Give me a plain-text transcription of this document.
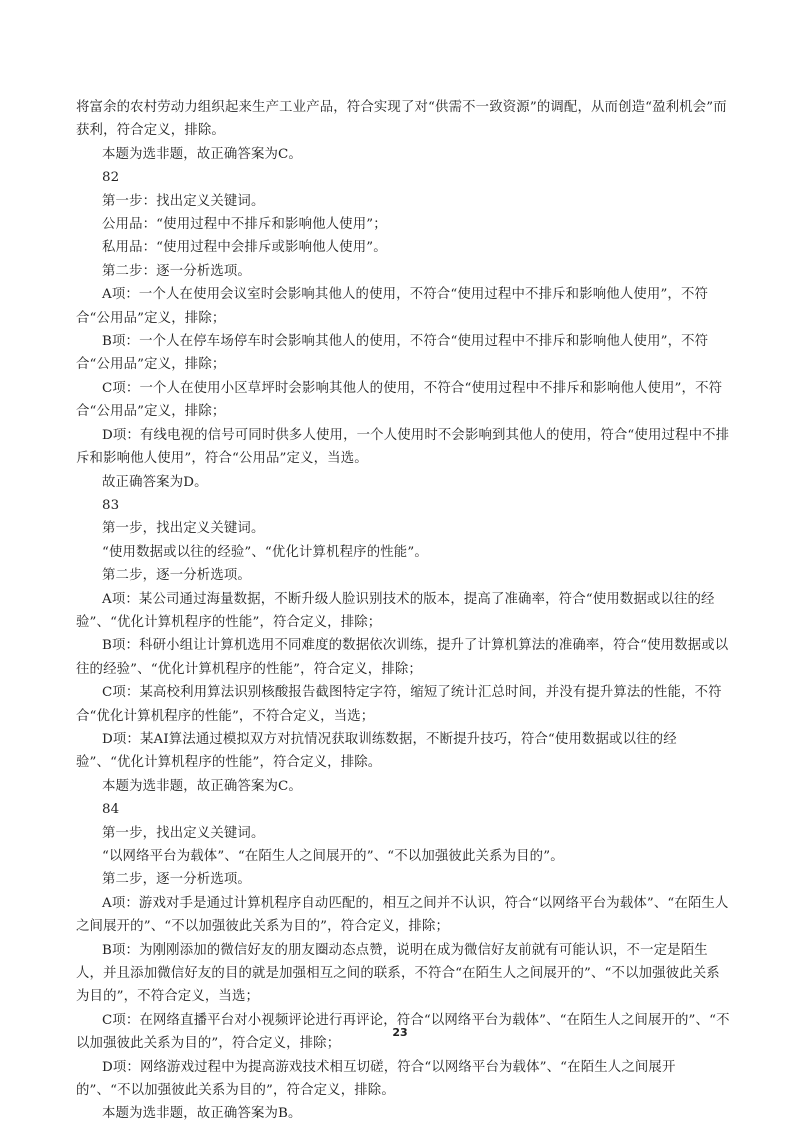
将富余的农村劳动力组织起来生产工业产品，符合实现了对“供需不一致资源”的调配，从而创造“盈利机会”而获利，符合定义，排除。

本题为选非题，故正确答案为C。

82

第一步：找出定义关键词。

公用品：“使用过程中不排斥和影响他人使用”；

私用品：“使用过程中会排斥或影响他人使用”。

第二步：逐一分析选项。

A项：一个人在使用会议室时会影响其他人的使用，不符合“使用过程中不排斥和影响他人使用”，不符合“公用品”定义，排除；

B项：一个人在停车场停车时会影响其他人的使用，不符合“使用过程中不排斥和影响他人使用”，不符合“公用品”定义，排除；

C项：一个人在使用小区草坪时会影响其他人的使用，不符合“使用过程中不排斥和影响他人使用”，不符合“公用品”定义，排除；

D项：有线电视的信号可同时供多人使用，一个人使用时不会影响到其他人的使用，符合“使用过程中不排斥和影响他人使用”，符合“公用品”定义，当选。

故正确答案为D。

83

第一步，找出定义关键词。

“使用数据或以往的经验”、“优化计算机程序的性能”。

第二步，逐一分析选项。

A项：某公司通过海量数据，不断升级人脸识别技术的版本，提高了准确率，符合“使用数据或以往的经验”、“优化计算机程序的性能”，符合定义，排除；

B项：科研小组让计算机选用不同难度的数据依次训练，提升了计算机算法的准确率，符合“使用数据或以往的经验”、“优化计算机程序的性能”，符合定义，排除；

C项：某高校利用算法识别核酸报告截图特定字符，缩短了统计汇总时间，并没有提升算法的性能，不符合“优化计算机程序的性能”，不符合定义，当选；

D项：某AI算法通过模拟双方对抗情况获取训练数据，不断提升技巧，符合“使用数据或以往的经验”、“优化计算机程序的性能”，符合定义，排除。

本题为选非题，故正确答案为C。

84

第一步，找出定义关键词。

“以网络平台为载体”、“在陌生人之间展开的”、“不以加强彼此关系为目的”。

第二步，逐一分析选项。

A项：游戏对手是通过计算机程序自动匹配的，相互之间并不认识，符合“以网络平台为载体”、“在陌生人之间展开的”、“不以加强彼此关系为目的”，符合定义，排除；

B项：为刚刚添加的微信好友的朋友圈动态点赞，说明在成为微信好友前就有可能认识，不一定是陌生人，并且添加微信好友的目的就是加强相互之间的联系，不符合“在陌生人之间展开的”、“不以加强彼此关系为目的”，不符合定义，当选；

C项：在网络直播平台对小视频评论进行再评论，符合“以网络平台为载体”、“在陌生人之间展开的”、“不以加强彼此关系为目的”，符合定义，排除；

D项：网络游戏过程中为提高游戏技术相互切磋，符合“以网络平台为载体”、“在陌生人之间展开的”、“不以加强彼此关系为目的”，符合定义，排除。

本题为选非题，故正确答案为B。

23
